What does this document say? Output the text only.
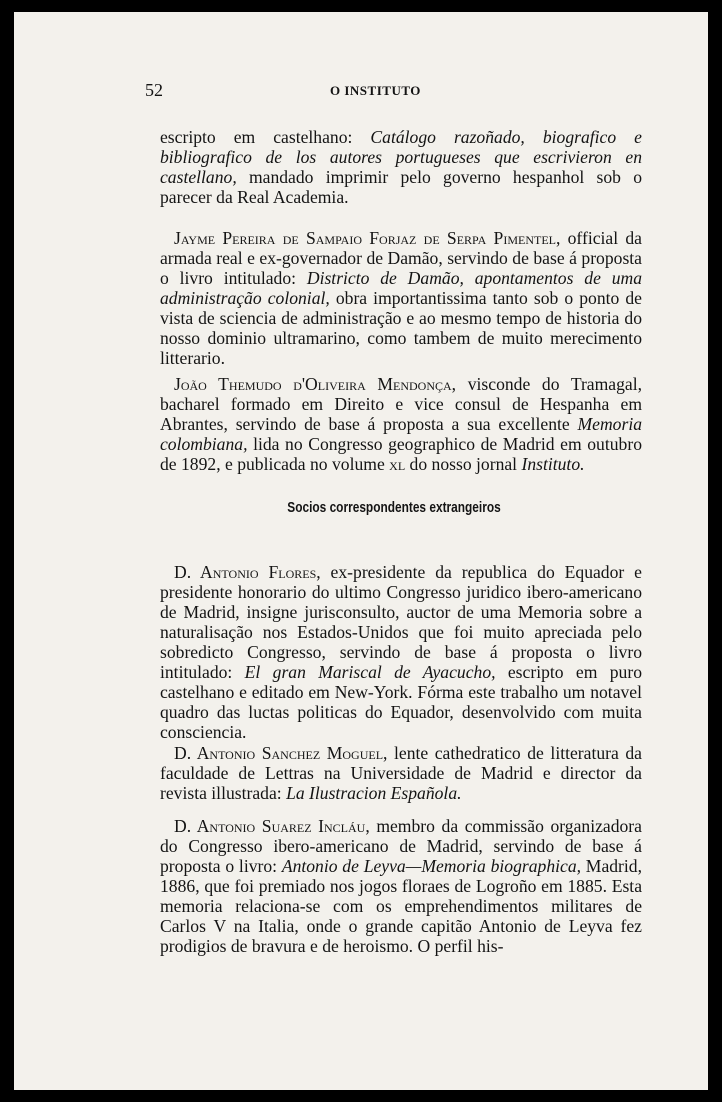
52	O INSTITUTO

escripto em castelhano: Catálogo razoñado, biografico e bibliografico de los autores portugueses que escrivieron en castellano, mandado imprimir pelo governo hespanhol sob o parecer da Real Academia.

Jayme Pereira de Sampaio Forjaz de Serpa Pimentel, official da armada real e ex-governador de Damão, servindo de base á proposta o livro intitulado: Districto de Damão, apontamentos de uma administração colonial, obra importantissima tanto sob o ponto de vista de sciencia de administração e ao mesmo tempo de historia do nosso dominio ultramarino, como tambem de muito merecimento litterario.

João Themudo d'Oliveira Mendonça, visconde do Tramagal, bacharel formado em Direito e vice consul de Hespanha em Abrantes, servindo de base á proposta a sua excellente Memoria colombiana, lida no Congresso geographico de Madrid em outubro de 1892, e publicada no volume xl do nosso jornal Instituto.

Socios correspondentes extrangeiros

D. Antonio Flores, ex-presidente da republica do Equador e presidente honorario do ultimo Congresso juridico ibero-americano de Madrid, insigne jurisconsulto, auctor de uma Memoria sobre a naturalisação nos Estados-Unidos que foi muito apreciada pelo sobredicto Congresso, servindo de base á proposta o livro intitulado: El gran Mariscal de Ayacucho, escripto em puro castelhano e editado em New-York. Fórma este trabalho um notavel quadro das luctas politicas do Equador, desenvolvido com muita consciencia.

D. Antonio Sanchez Moguel, lente cathedratico de litteratura da faculdade de Lettras na Universidade de Madrid e director da revista illustrada: La Ilustracion Española.

D. Antonio Suarez Incláu, membro da commissão organizadora do Congresso ibero-americano de Madrid, servindo de base á proposta o livro: Antonio de Leyva—Memoria biographica, Madrid, 1886, que foi premiado nos jogos floraes de Logroño em 1885. Esta memoria relaciona-se com os emprehendimentos militares de Carlos V na Italia, onde o grande capitão Antonio de Leyva fez prodigios de bravura e de heroismo. O perfil his-
